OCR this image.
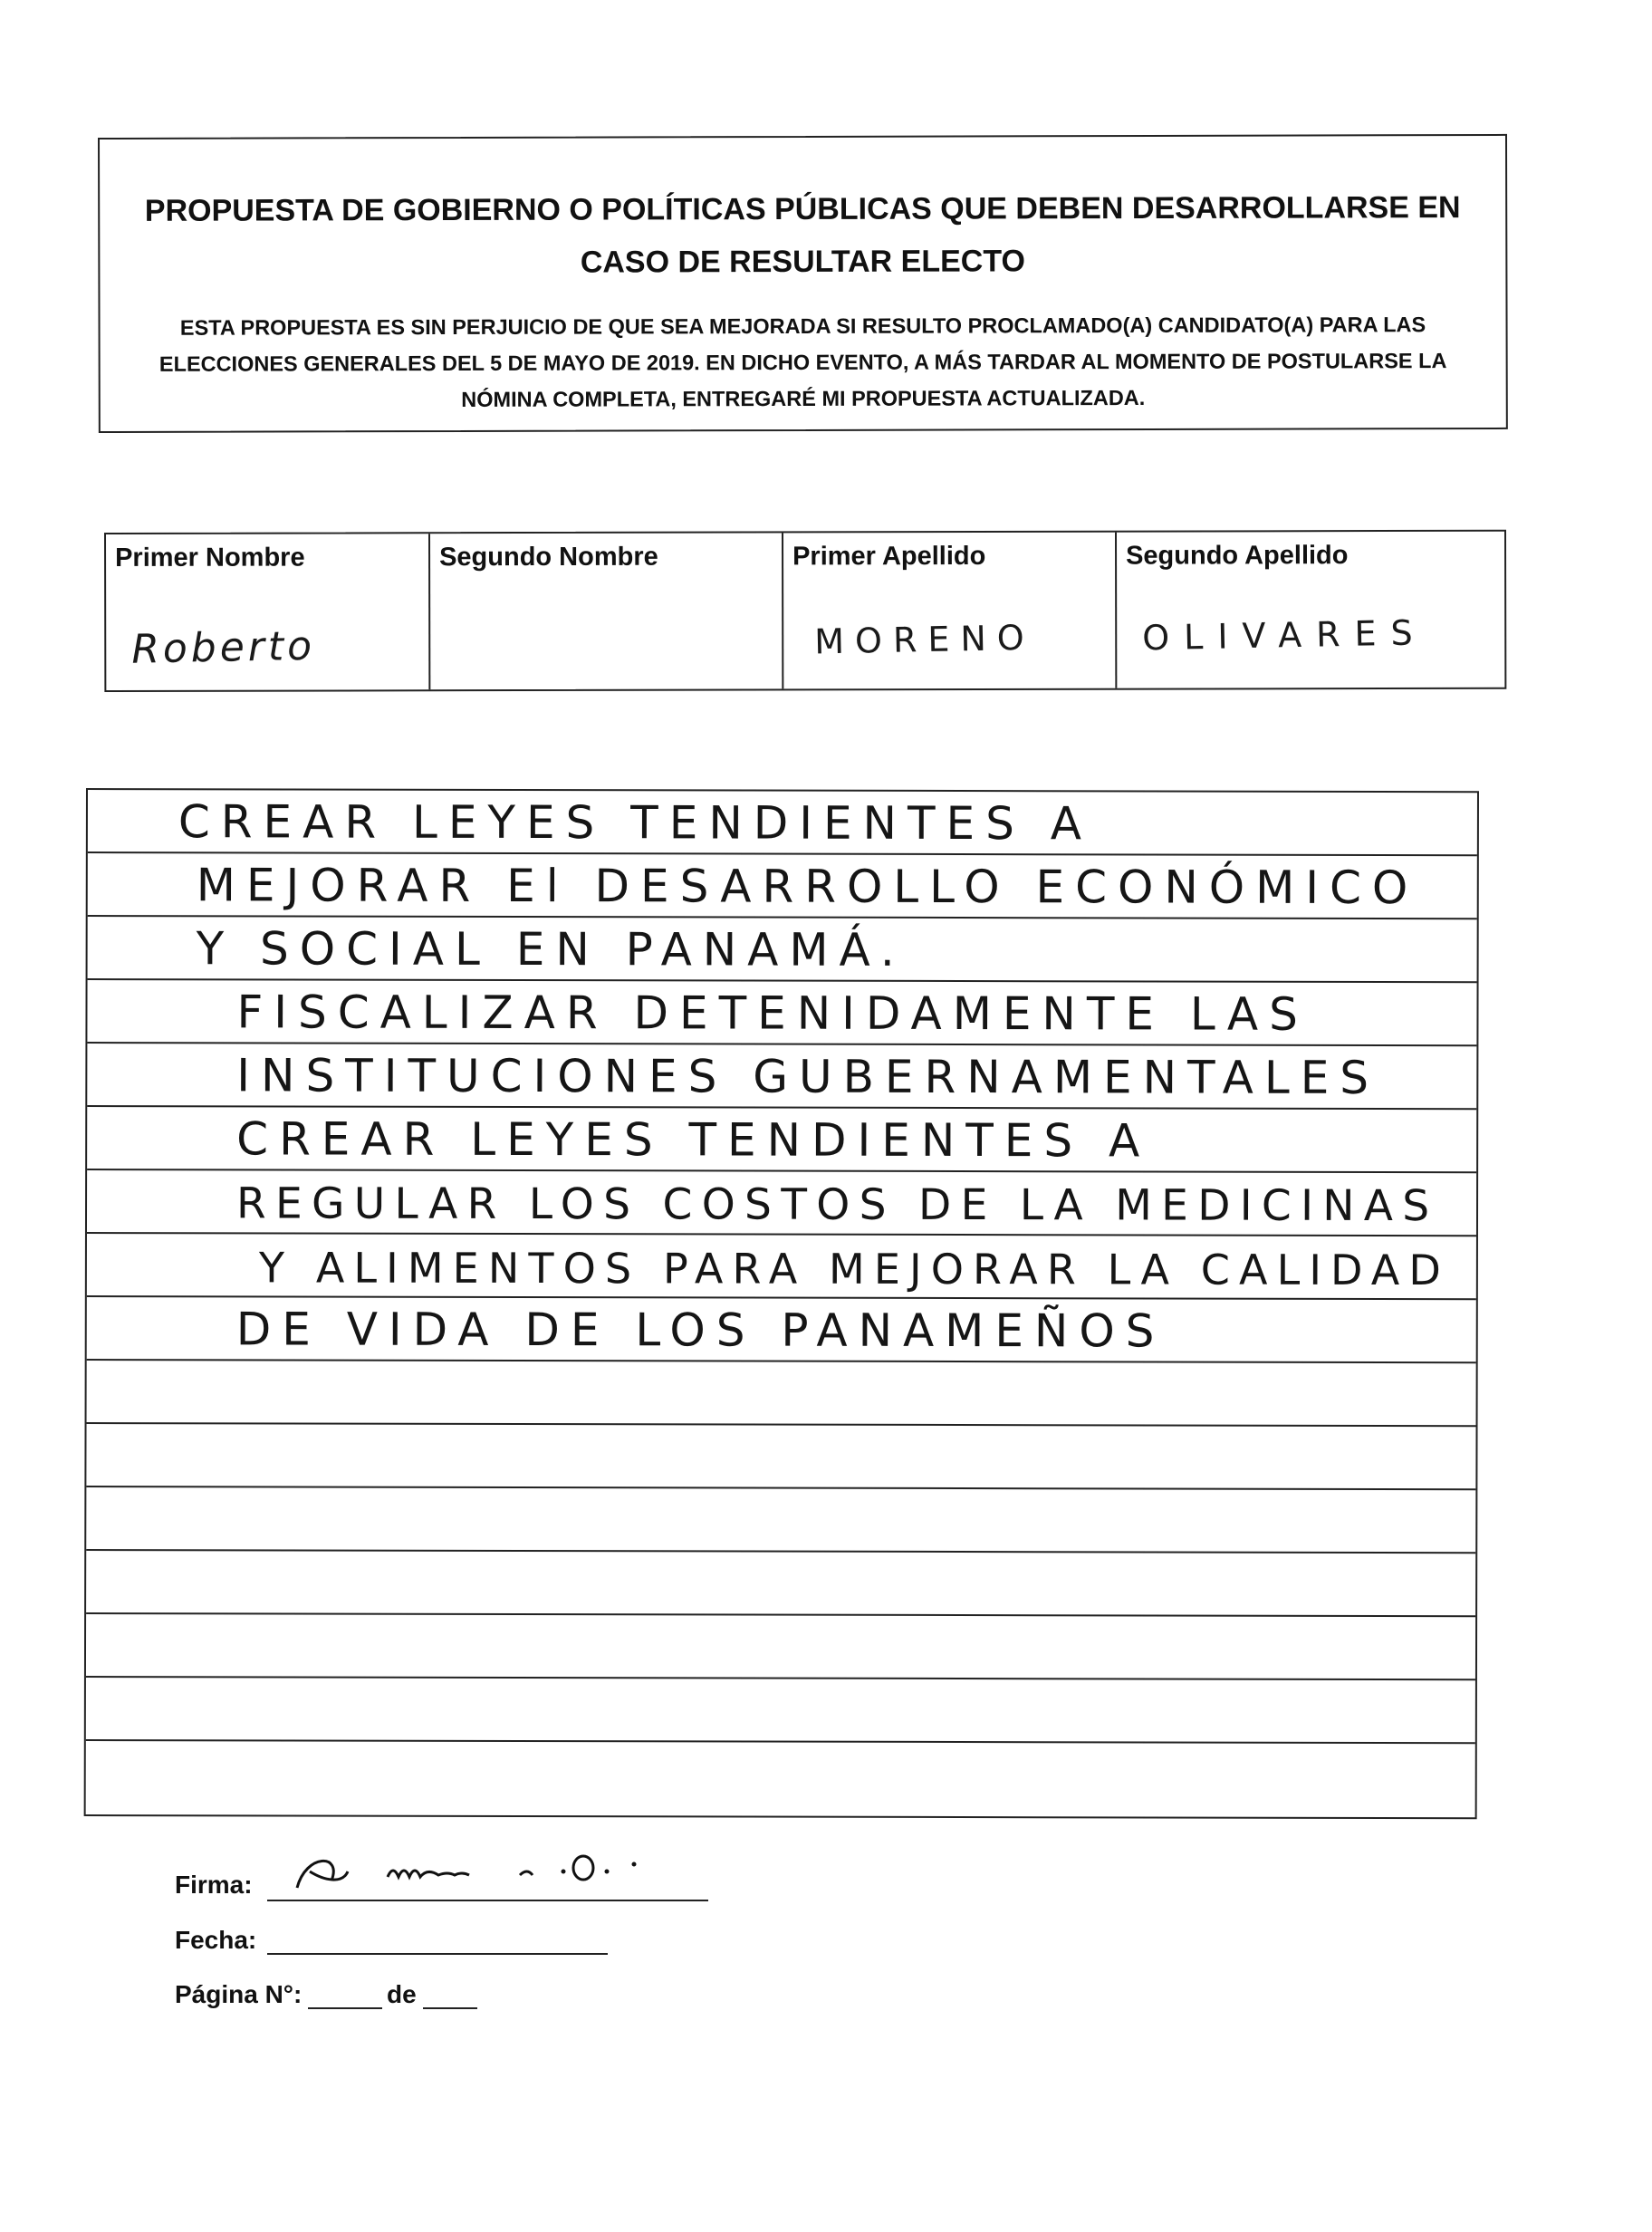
PROPUESTA DE GOBIERNO O POLÍTICAS PÚBLICAS QUE DEBEN DESARROLLARSE EN CASO DE RESULTAR ELECTO
ESTA PROPUESTA ES SIN PERJUICIO DE QUE SEA MEJORADA SI RESULTO PROCLAMADO(A) CANDIDATO(A) PARA LAS ELECCIONES GENERALES DEL 5 DE MAYO DE 2019. EN DICHO EVENTO, A MÁS TARDAR AL MOMENTO DE POSTULARSE LA NÓMINA COMPLETA, ENTREGARÉ MI PROPUESTA ACTUALIZADA.
Primer Nombre
Roberto
Segundo Nombre	Primer Apellido
MORENO
Segundo Apellido
OLIVARES
CREAR LEYES TENDIENTES A
MEJORAR El DESARROLLO ECONÓMICO
Y SOCIAL EN PANAMÁ.
FISCALIZAR DETENIDAMENTE LAS
INSTITUCIONES GUBERNAMENTALES
CREAR LEYES TENDIENTES A
REGULAR LOS COSTOS DE LA MEDICINAS
Y ALIMENTOS PARA MEJORAR LA CALIDAD
DE VIDA DE LOS PANAMEÑOS
Firma:
Fecha:
Página N°:	de
